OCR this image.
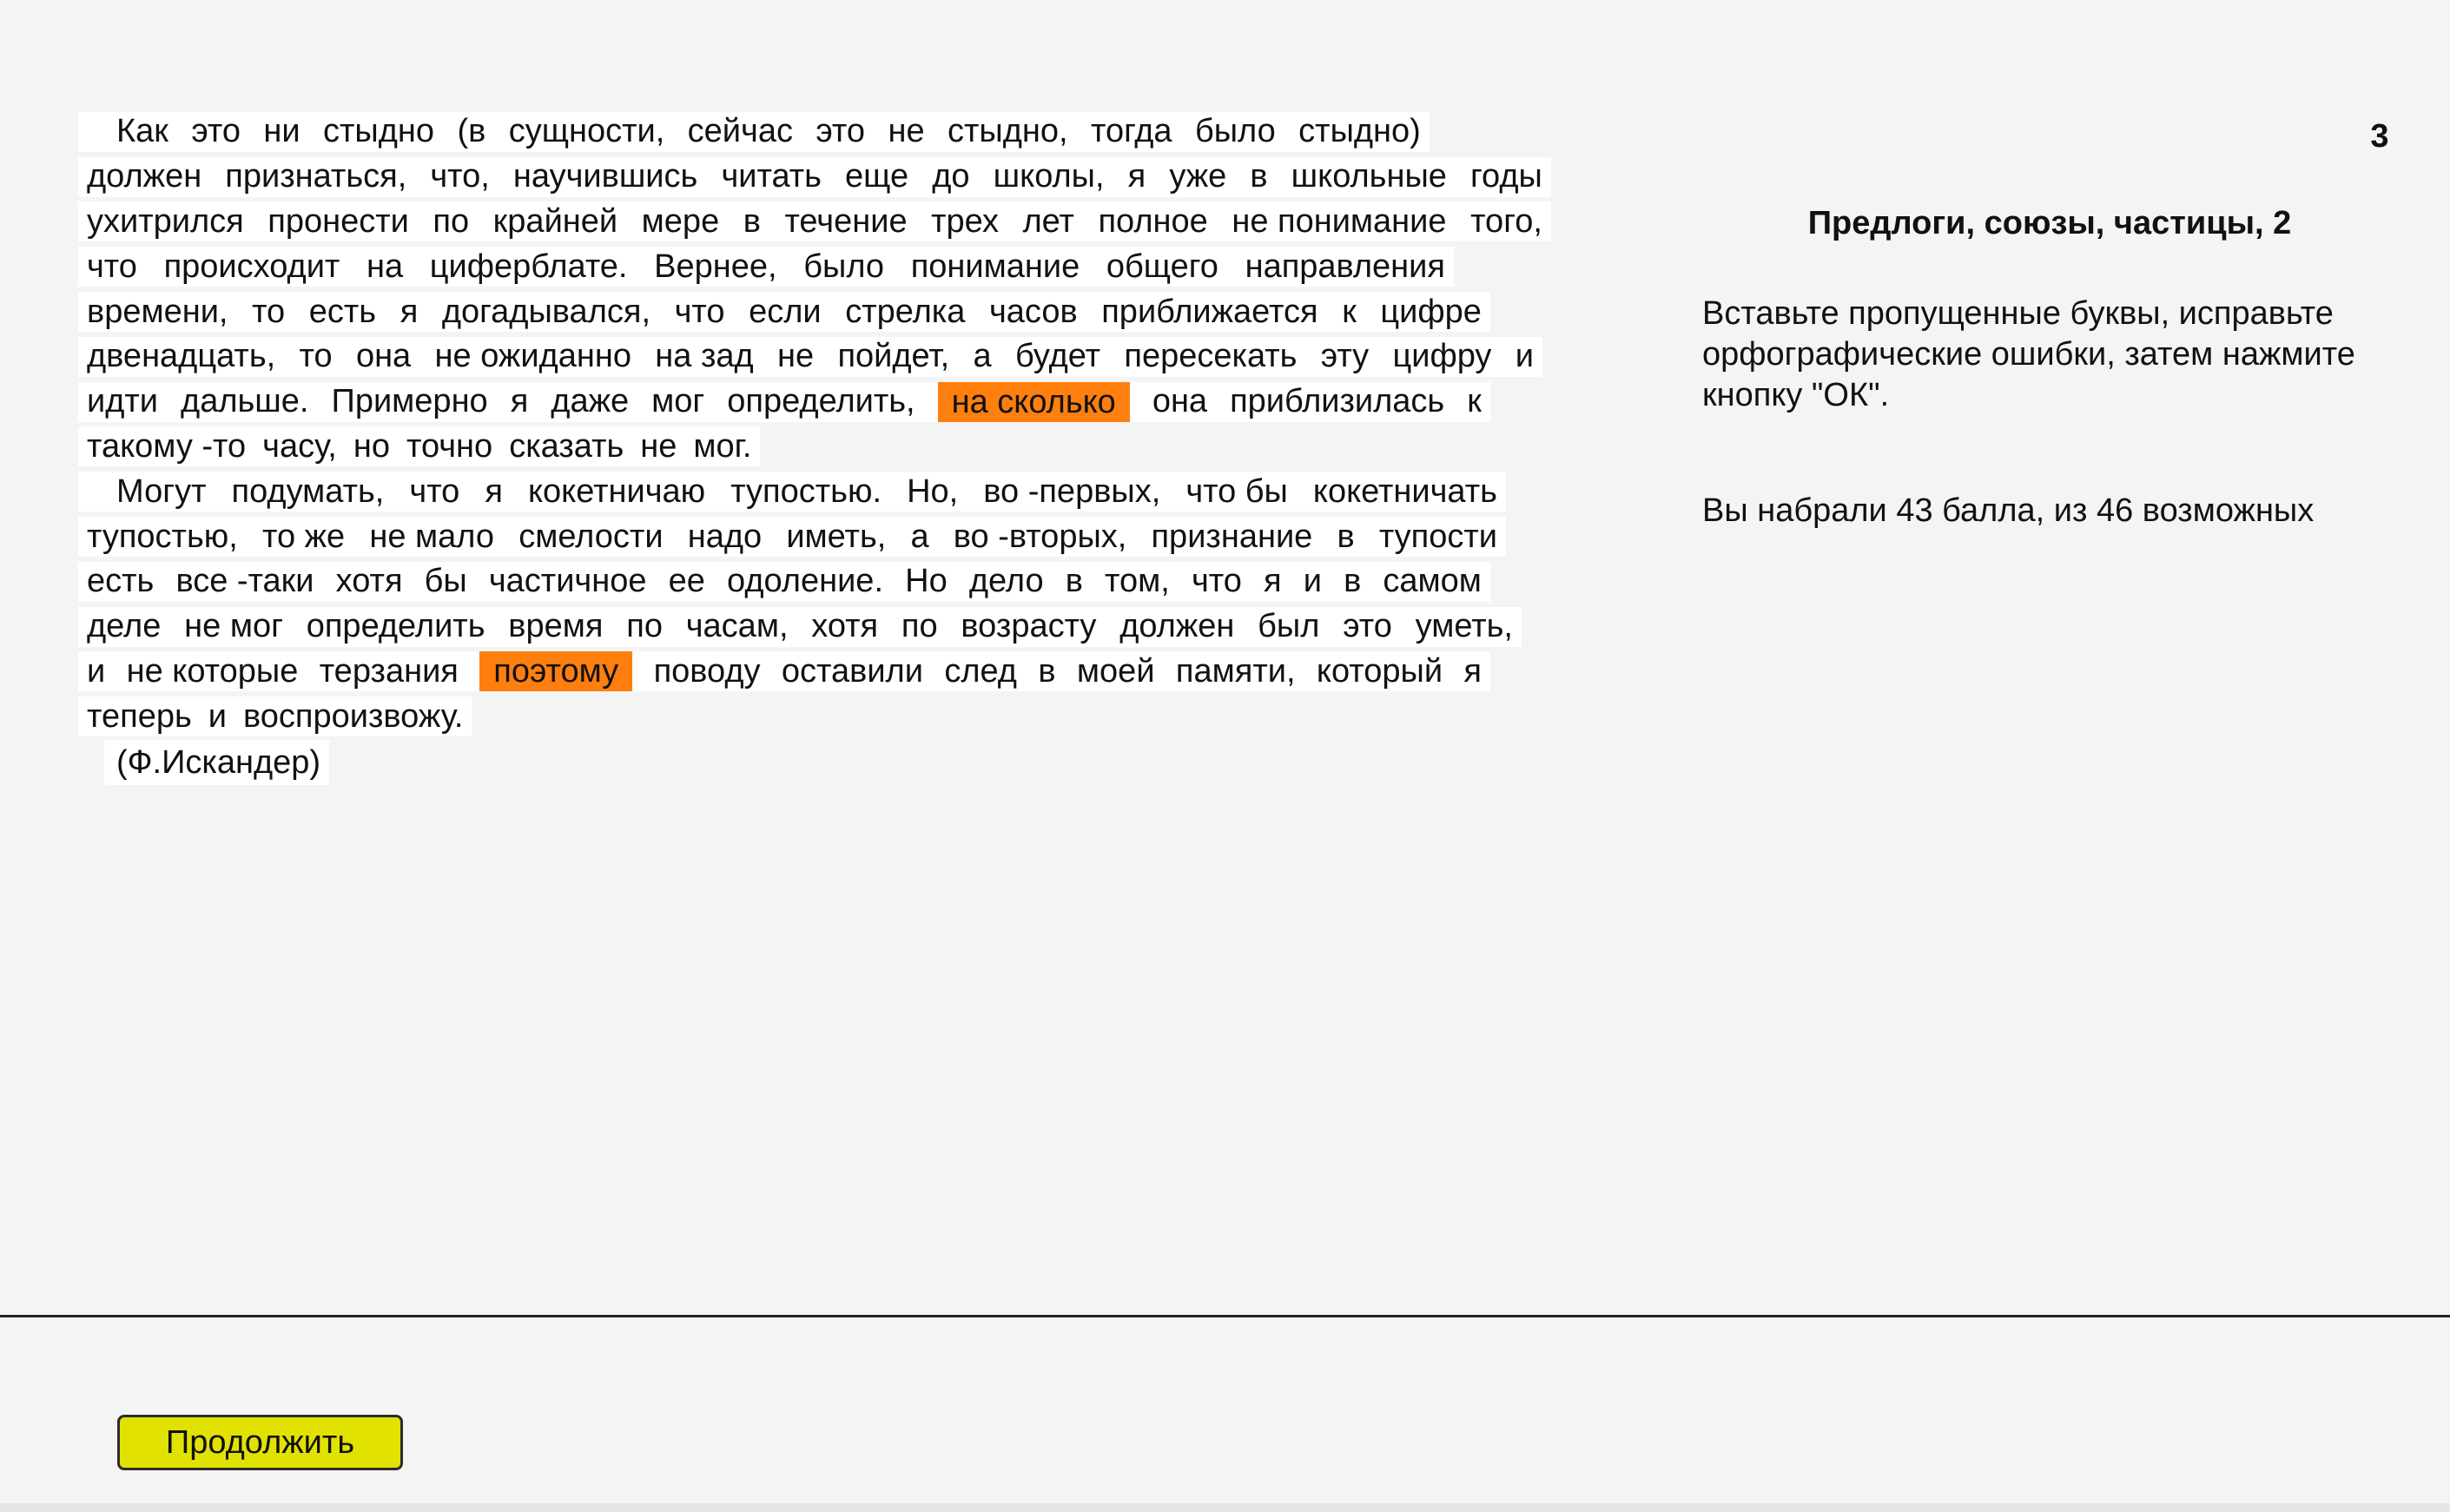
Как это ни стыдно (в сущности, сейчас это не стыдно, тогда было стыдно)
должен признаться, что, научившись читать еще до школы, я уже в школьные годы
ухитрился пронести по крайней мере в течение трех лет полное не понимание того,
что происходит на циферблате. Вернее, было понимание общего направления
времени, то есть я догадывался, что если стрелка часов приближается к цифре
двенадцать, то она не ожиданно на зад не пойдет, а будет пересекать эту цифру и
идти дальше. Примерно я даже мог определить,	на сколько	она приблизилась к
такому -то часу, но точно сказать не мог.
Могут подумать, что я кокетничаю тупостью. Но, во -первых, что бы кокетничать
тупостью, то же не мало смелости надо иметь, а во -вторых, признание в тупости
есть все -таки хотя бы частичное ее одоление. Но дело в том, что я и в самом
деле не мог определить время по часам, хотя по возрасту должен был это уметь,
и не которые терзания	поэтому	поводу оставили след в моей памяти, который я
теперь и воспроизвожу.
(Ф.Искандер)
3
Предлоги, союзы, частицы, 2
Вставьте пропущенные буквы, исправьте орфографические ошибки, затем нажмите кнопку "ОК".
Вы набрали 43 балла, из 46 возможных
Продолжить
